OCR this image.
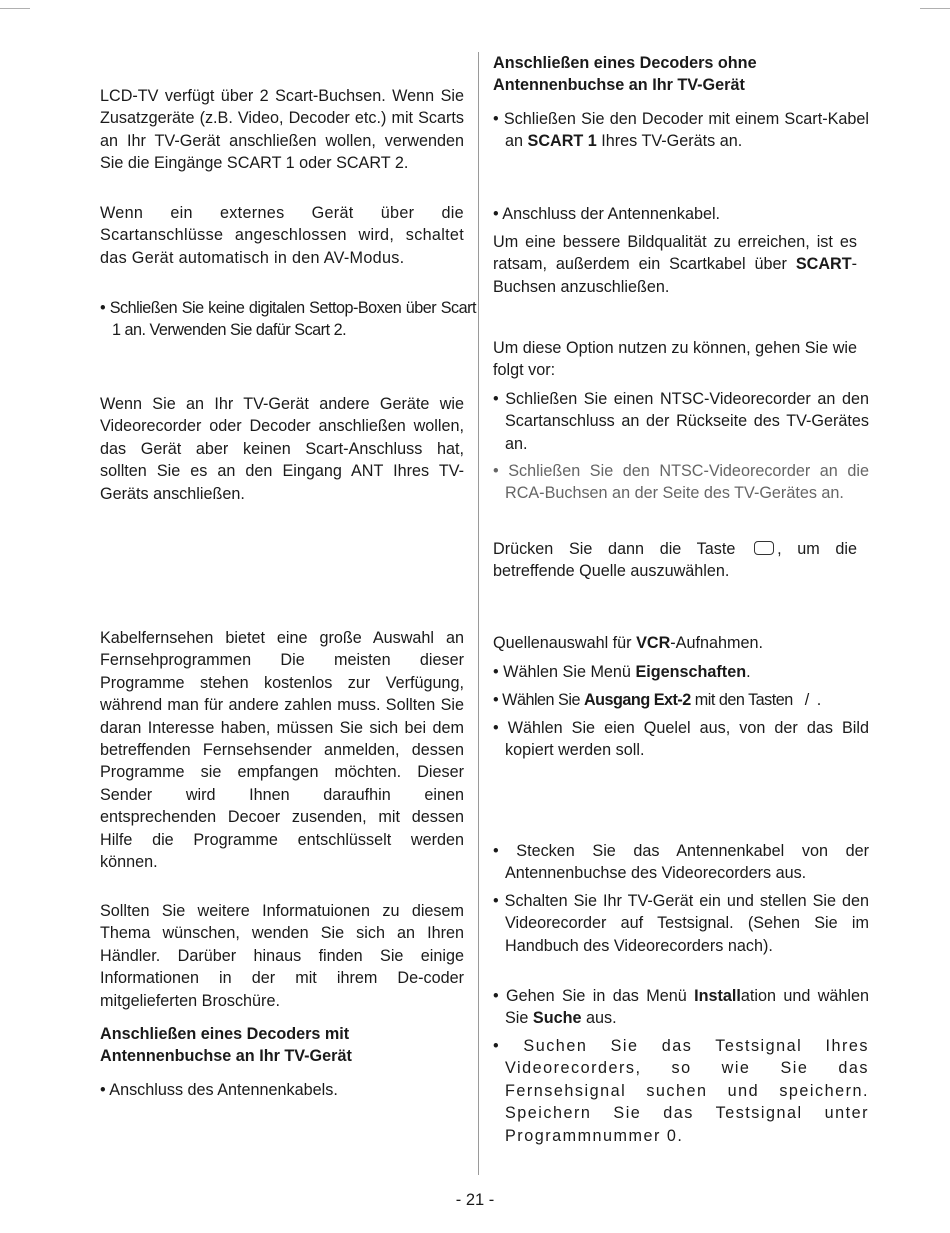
LCD-TV verfügt über 2 Scart-Buchsen. Wenn Sie Zusatzgeräte (z.B. Video, Decoder etc.) mit Scarts an Ihr TV-Gerät anschließen wollen, verwenden Sie die Eingänge SCART 1 oder SCART 2.

Wenn ein externes Gerät über die Scartanschlüsse angeschlossen wird, schaltet das Gerät automatisch in den AV-Modus.

• Schließen Sie keine digitalen Settop-Boxen über Scart 1 an. Verwenden Sie dafür Scart 2.

Wenn Sie an Ihr TV-Gerät andere Geräte wie Videorecorder oder Decoder anschließen wollen, das Gerät aber keinen Scart-Anschluss hat, sollten Sie es an den Eingang ANT Ihres TV-Geräts anschließen.

Kabelfernsehen bietet eine große Auswahl an Fernsehprogrammen Die meisten dieser Programme stehen kostenlos zur Verfügung, während man für andere zahlen muss. Sollten Sie daran Interesse haben, müssen Sie sich bei dem betreffenden Fernsehsender anmelden, dessen Programme sie empfangen möchten. Dieser Sender wird Ihnen daraufhin einen entsprechenden Decoer zusenden, mit dessen Hilfe die Programme entschlüsselt werden können.

Sollten Sie weitere Informatuionen zu diesem Thema wünschen, wenden Sie sich an Ihren Händler. Darüber hinaus finden Sie einige Informationen in der mit ihrem De-coder mitgelieferten Broschüre.

Anschließen eines Decoders mit Antennenbuchse an Ihr TV-Gerät

• Anschluss des Antennenkabels.

Anschließen eines Decoders ohne Antennenbuchse an Ihr TV-Gerät

• Schließen Sie den Decoder mit einem Scart-Kabel an SCART 1 Ihres TV-Geräts an.

• Anschluss der Antennenkabel.

Um eine bessere Bildqualität zu erreichen, ist es ratsam, außerdem ein Scartkabel über SCART-Buchsen anzuschließen.

Um diese Option nutzen zu können, gehen Sie wie folgt vor:

• Schließen Sie einen NTSC-Videorecorder an den Scartanschluss an der Rückseite des TV-Gerätes an.

• Schließen Sie den NTSC-Videorecorder an die RCA-Buchsen an der Seite des TV-Gerätes an.

Drücken Sie dann die Taste , um die betreffende Quelle auszuwählen.

Quellenauswahl für VCR-Aufnahmen.

• Wählen Sie Menü Eigenschaften.

• Wählen Sie Ausgang Ext-2 mit den Tasten   /  .

• Wählen Sie eien Quelel aus, von der das Bild kopiert werden soll.

• Stecken Sie das Antennenkabel von der Antennenbuchse des Videorecorders aus.

• Schalten Sie Ihr TV-Gerät ein und stellen Sie den Videorecorder auf Testsignal. (Sehen Sie im Handbuch des Videorecorders nach).

• Gehen Sie in das Menü Installation und wählen Sie Suche aus.

• Suchen Sie das Testsignal Ihres Videorecorders, so wie Sie das Fernsehsignal suchen und speichern. Speichern Sie das Testsignal unter Programmnummer 0.

- 21 -
